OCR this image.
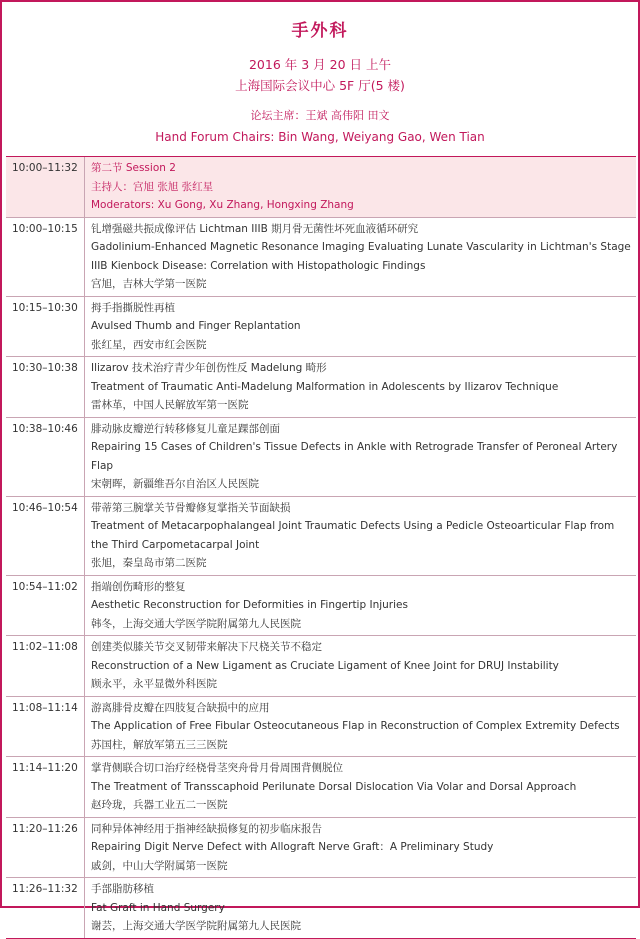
手外科
2016 年 3 月 20 日 上午
上海国际会议中心 5F 厅(5 楼)
论坛主席：王斌 高伟阳 田文
Hand Forum Chairs: Bin Wang, Weiyang Gao, Wen Tian
10:00–11:32	第二节 Session 2
主持人：宫旭 张旭 张红星
Moderators: Xu Gong, Xu Zhang, Hongxing Zhang
10:00–10:15	钆增强磁共振成像评估 Lichtman IIIB 期月骨无菌性坏死血液循环研究
Gadolinium-Enhanced Magnetic Resonance Imaging Evaluating Lunate Vascularity in Lichtman's Stage IIIB Kienbock Disease: Correlation with Histopathologic Findings
宫旭，吉林大学第一医院
10:15–10:30	拇手指撕脱性再植
Avulsed Thumb and Finger Replantation
张红星，西安市红会医院
10:30–10:38	Ilizarov 技术治疗青少年创伤性反 Madelung 畸形
Treatment of Traumatic Anti-Madelung Malformation in Adolescents by Ilizarov Technique
雷林革，中国人民解放军第一医院
10:38–10:46	腓动脉皮瓣逆行转移修复儿童足踝部创面
Repairing 15 Cases of Children's Tissue Defects in Ankle with Retrograde Transfer of Peroneal Artery Flap
宋朝晖，新疆维吾尔自治区人民医院
10:46–10:54	带蒂第三腕掌关节骨瓣修复掌指关节面缺损
Treatment of Metacarpophalangeal Joint Traumatic Defects Using a Pedicle Osteoarticular Flap from the Third Carpometacarpal Joint
张旭，秦皇岛市第二医院
10:54–11:02	指端创伤畸形的整复
Aesthetic Reconstruction for Deformities in Fingertip Injuries
韩冬，上海交通大学医学院附属第九人民医院
11:02–11:08	创建类似膝关节交叉韧带来解决下尺桡关节不稳定
Reconstruction of a New Ligament as Cruciate Ligament of Knee Joint for DRUJ Instability
顾永平，永平显微外科医院
11:08–11:14	游离腓骨皮瓣在四肢复合缺损中的应用
The Application of Free Fibular Osteocutaneous Flap in Reconstruction of Complex Extremity Defects
苏国柱，解放军第五三三医院
11:14–11:20	掌背侧联合切口治疗经桡骨茎突舟骨月骨周围背侧脱位
The Treatment of Transscaphoid Perilunate Dorsal Dislocation Via Volar and Dorsal Approach
赵玲珑，兵器工业五二一医院
11:20–11:26	同种异体神经用于指神经缺损修复的初步临床报告
Repairing Digit Nerve Defect with Allograft Nerve Graft：A Preliminary Study
戚剑，中山大学附属第一医院
11:26–11:32	手部脂肪移植
Fat Graft in Hand Surgery
谢芸，上海交通大学医学院附属第九人民医院
